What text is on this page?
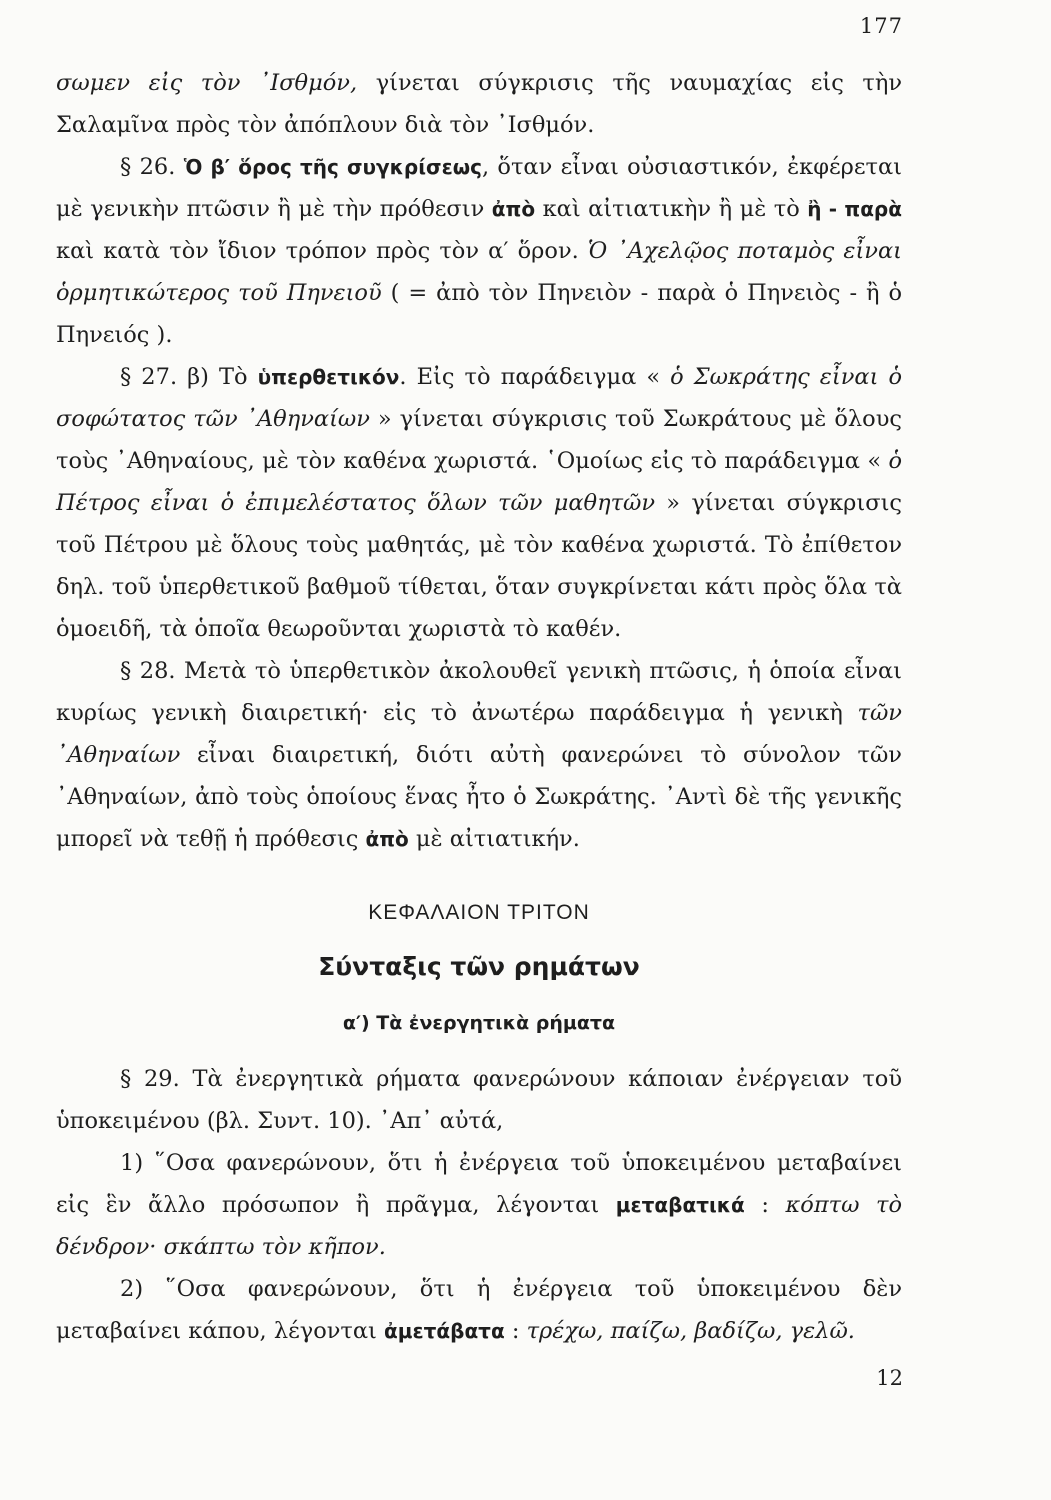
177

σωμεν εἰς τὸν ᾿Ισθμόν, γίνεται σύγκρισις τῆς ναυμαχίας εἰς τὴν Σαλαμῖνα πρὸς τὸν ἀπόπλουν διὰ τὸν ᾿Ισθμόν.

§ 26. Ὁ β′ ὅρος τῆς συγκρίσεως, ὅταν εἶναι οὐσιαστικόν, ἐκφέρεται μὲ γενικὴν πτῶσιν ἢ μὲ τὴν πρόθεσιν ἀπὸ καὶ αἰτιατικὴν ἢ μὲ τὸ ἢ - παρὰ καὶ κατὰ τὸν ἴδιον τρόπον πρὸς τὸν α′ ὅρον. Ὁ ᾿Αχελῷος ποταμὸς εἶναι ὁρμητικώτερος τοῦ Πηνειοῦ ( = ἀπὸ τὸν Πηνειὸν - παρὰ ὁ Πηνειὸς - ἢ ὁ Πηνειός ).

§ 27. β) Τὸ ὑπερθετικόν. Εἰς τὸ παράδειγμα « ὁ Σωκράτης εἶναι ὁ σοφώτατος τῶν ᾿Αθηναίων » γίνεται σύγκρισις τοῦ Σωκράτους μὲ ὅλους τοὺς ᾿Αθηναίους, μὲ τὸν καθένα χωριστά. ῾Ομοίως εἰς τὸ παράδειγμα « ὁ Πέτρος εἶναι ὁ ἐπιμελέστατος ὅλων τῶν μαθητῶν » γίνεται σύγκρισις τοῦ Πέτρου μὲ ὅλους τοὺς μαθητάς, μὲ τὸν καθένα χωριστά. Τὸ ἐπίθετον δηλ. τοῦ ὑπερθετικοῦ βαθμοῦ τίθεται, ὅταν συγκρίνεται κάτι πρὸς ὅλα τὰ ὁμοειδῆ, τὰ ὁποῖα θεωροῦνται χωριστὰ τὸ καθέν.

§ 28. Μετὰ τὸ ὑπερθετικὸν ἀκολουθεῖ γενικὴ πτῶσις, ἡ ὁποία εἶναι κυρίως γενικὴ διαιρετική· εἰς τὸ ἀνωτέρω παράδειγμα ἡ γενικὴ τῶν ᾿Αθηναίων εἶναι διαιρετική, διότι αὐτὴ φανερώνει τὸ σύνολον τῶν ᾿Αθηναίων, ἀπὸ τοὺς ὁποίους ἕνας ἦτο ὁ Σωκράτης. ᾿Αντὶ δὲ τῆς γενικῆς μπορεῖ νὰ τεθῇ ἡ πρόθεσις ἀπὸ μὲ αἰτιατικήν.

ΚΕΦΑΛΑΙΟΝ ΤΡΙΤΟΝ
Σύνταξις τῶν ρημάτων
α′) Τὰ ἐνεργητικὰ ρήματα

§ 29. Τὰ ἐνεργητικὰ ρήματα φανερώνουν κάποιαν ἐνέργειαν τοῦ ὑποκειμένου (βλ. Συντ. 10). ᾿Απ᾿ αὐτά,

1) ῞Οσα φανερώνουν, ὅτι ἡ ἐνέργεια τοῦ ὑποκειμένου μεταβαίνει εἰς ἓν ἄλλο πρόσωπον ἢ πρᾶγμα, λέγονται μεταβατικά : κόπτω τὸ δένδρον· σκάπτω τὸν κῆπον.

2) ῞Οσα φανερώνουν, ὅτι ἡ ἐνέργεια τοῦ ὑποκειμένου δὲν μεταβαίνει κάπου, λέγονται ἀμετάβατα : τρέχω, παίζω, βαδίζω, γελῶ.

12
